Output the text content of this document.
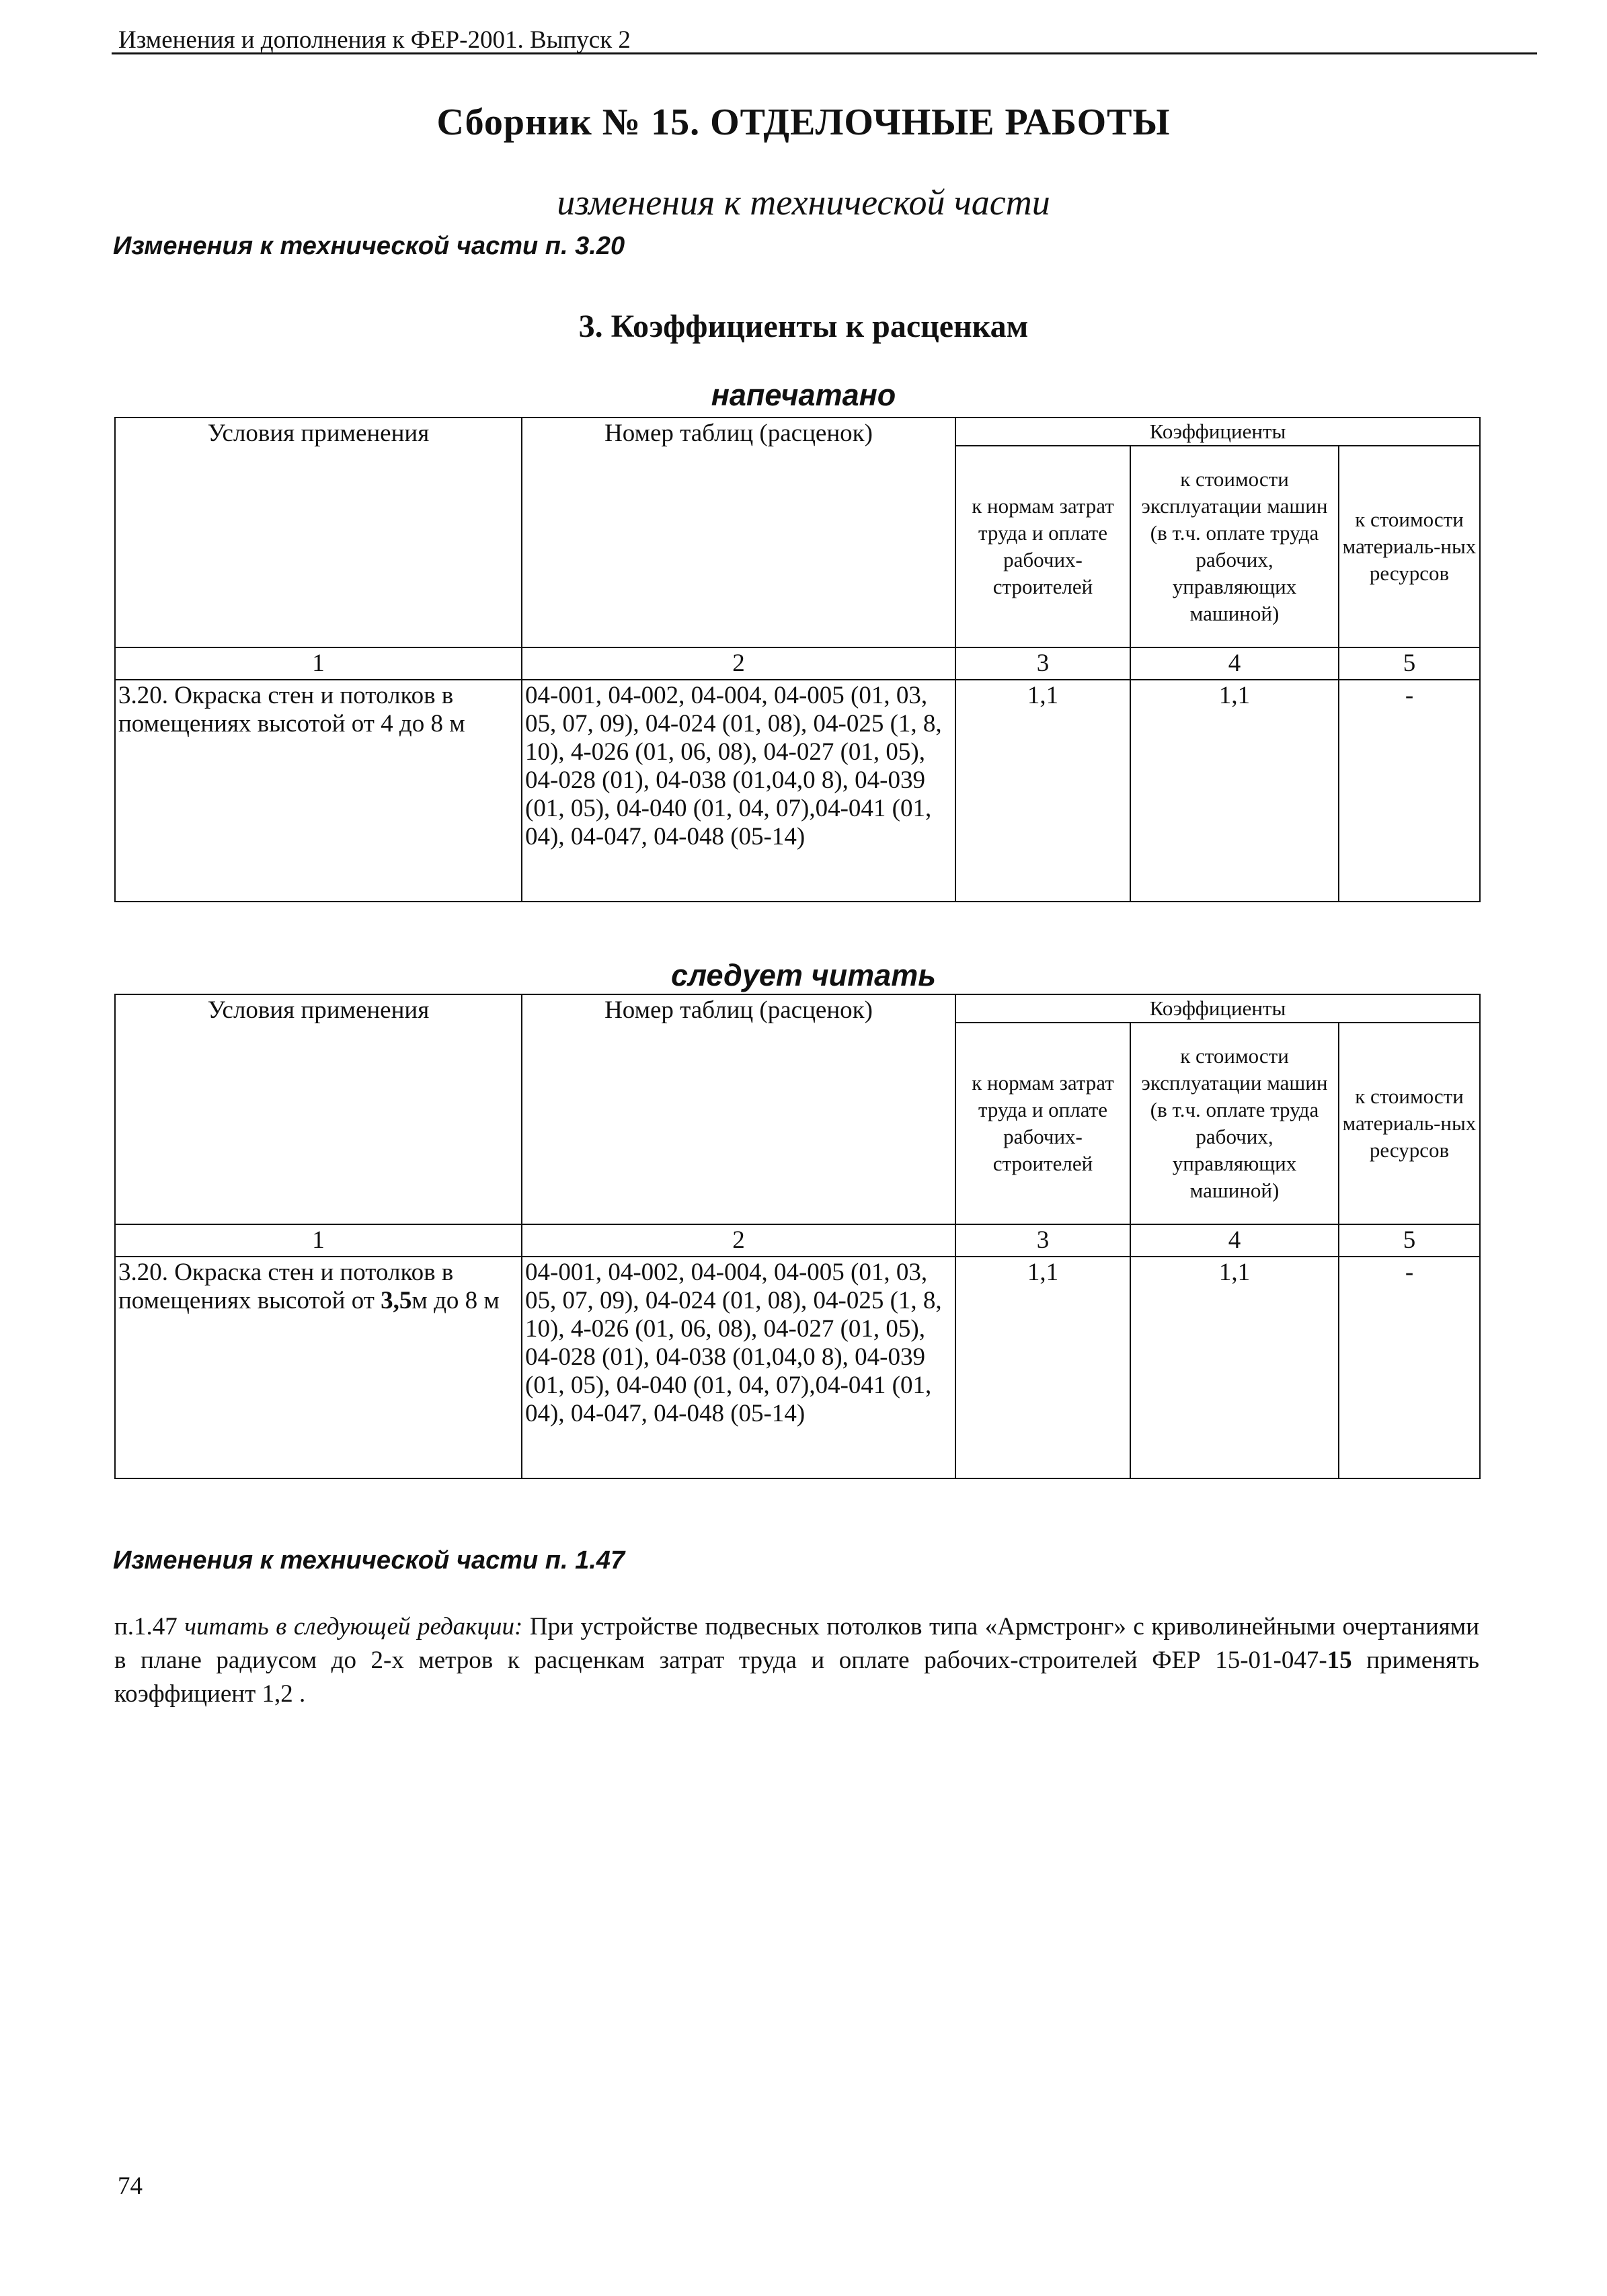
Изменения и дополнения к ФЕР-2001. Выпуск 2
Сборник № 15. ОТДЕЛОЧНЫЕ РАБОТЫ
изменения к технической части
Изменения к технической части п. 3.20
3. Коэффициенты к расценкам
напечатано
Условия применения	Номер таблиц (расценок)	Коэффициенты		
		к нормам затрат труда и оплате рабочих-строителей	к стоимости эксплуатации машин (в т.ч. оплате труда рабочих, управляющих машиной)	к стоимости материаль-ных ресурсов
1	2	3	4	5
3.20. Окраска стен и потолков в помещениях высотой от 4 до 8 м	04-001, 04-002, 04-004, 04-005 (01, 03, 05, 07, 09), 04-024 (01, 08), 04-025 (1, 8, 10), 4-026 (01, 06, 08), 04-027 (01, 05), 04-028 (01), 04-038 (01,04,0 8), 04-039 (01, 05), 04-040 (01, 04, 07),04-041 (01, 04), 04-047, 04-048 (05-14)	1,1	1,1	-
следует читать
Условия применения	Номер таблиц (расценок)	Коэффициенты		
		к нормам затрат труда и оплате рабочих-строителей	к стоимости эксплуатации машин (в т.ч. оплате труда рабочих, управляющих машиной)	к стоимости материаль-ных ресурсов
1	2	3	4	5
3.20. Окраска стен и потолков в помещениях высотой от 3,5м до 8 м	04-001, 04-002, 04-004, 04-005 (01, 03, 05, 07, 09), 04-024 (01, 08), 04-025 (1, 8, 10), 4-026 (01, 06, 08), 04-027 (01, 05), 04-028 (01), 04-038 (01,04,0 8), 04-039 (01, 05), 04-040 (01, 04, 07),04-041 (01, 04), 04-047, 04-048 (05-14)	1,1	1,1	-
Изменения к технической части п. 1.47
п.1.47 читать в следующей редакции: При устройстве подвесных потолков типа «Армстронг» с криволинейными очертаниями в плане радиусом до 2-х метров к расценкам затрат труда и оплате рабочих-строителей ФЕР 15-01-047-15 применять коэффициент 1,2 .
74
